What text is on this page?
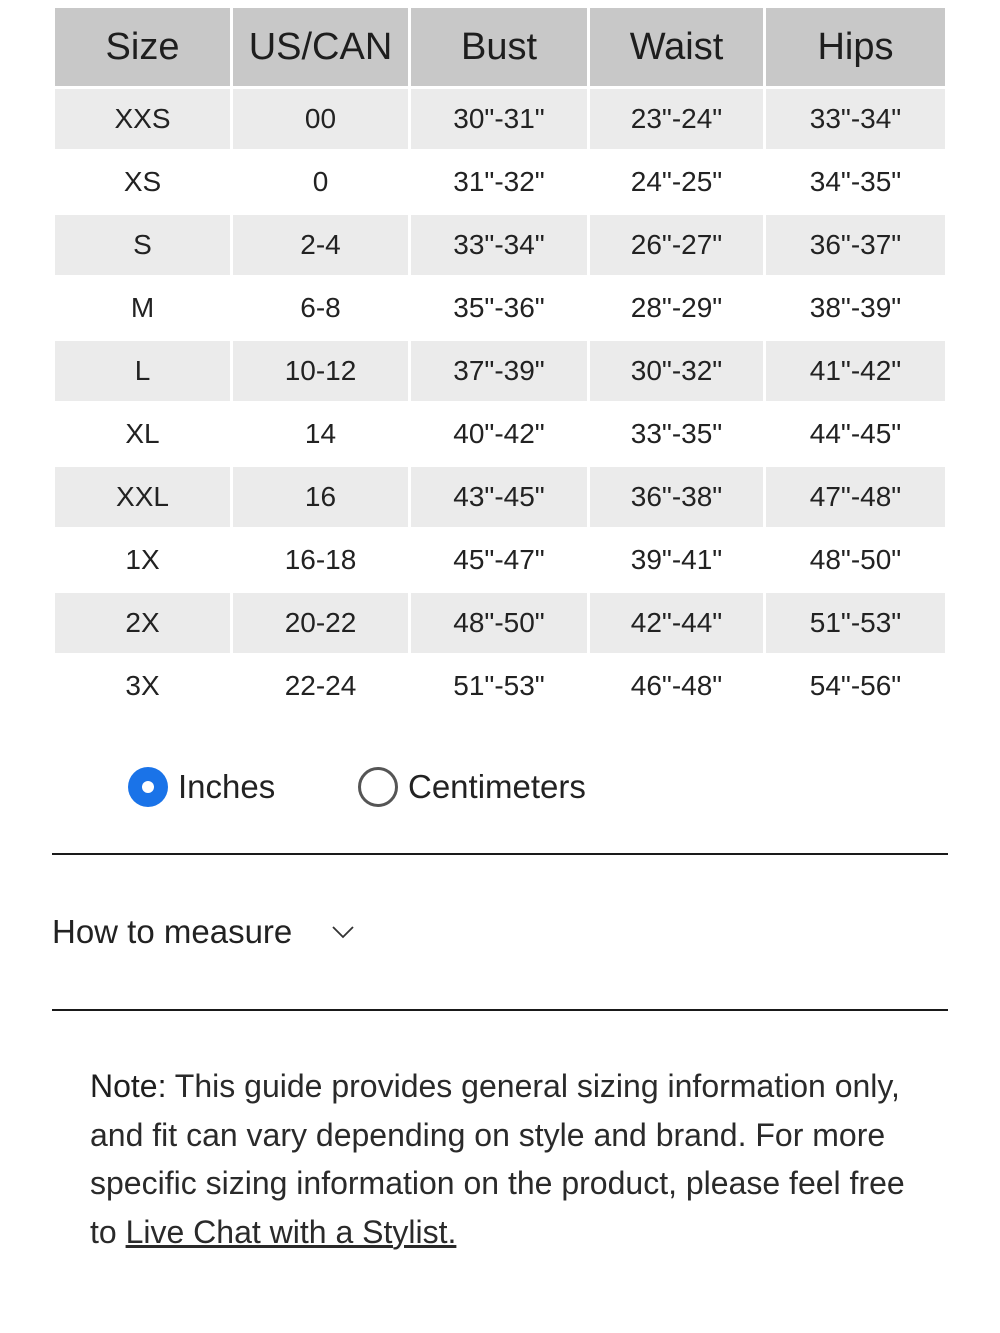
Size	US/CAN	Bust	Waist	Hips
XXS	00	30"-31"	23"-24"	33"-34"
XS	0	31"-32"	24"-25"	34"-35"
S	2-4	33"-34"	26"-27"	36"-37"
M	6-8	35"-36"	28"-29"	38"-39"
L	10-12	37"-39"	30"-32"	41"-42"
XL	14	40"-42"	33"-35"	44"-45"
XXL	16	43"-45"	36"-38"	47"-48"
1X	16-18	45"-47"	39"-41"	48"-50"
2X	20-22	48"-50"	42"-44"	51"-53"
3X	22-24	51"-53"	46"-48"	54"-56"
Inches	Centimeters
How to measure

Note: This guide provides general sizing information only, and fit can vary depending on style and brand. For more specific sizing information on the product, please feel free to Live Chat with a Stylist.
